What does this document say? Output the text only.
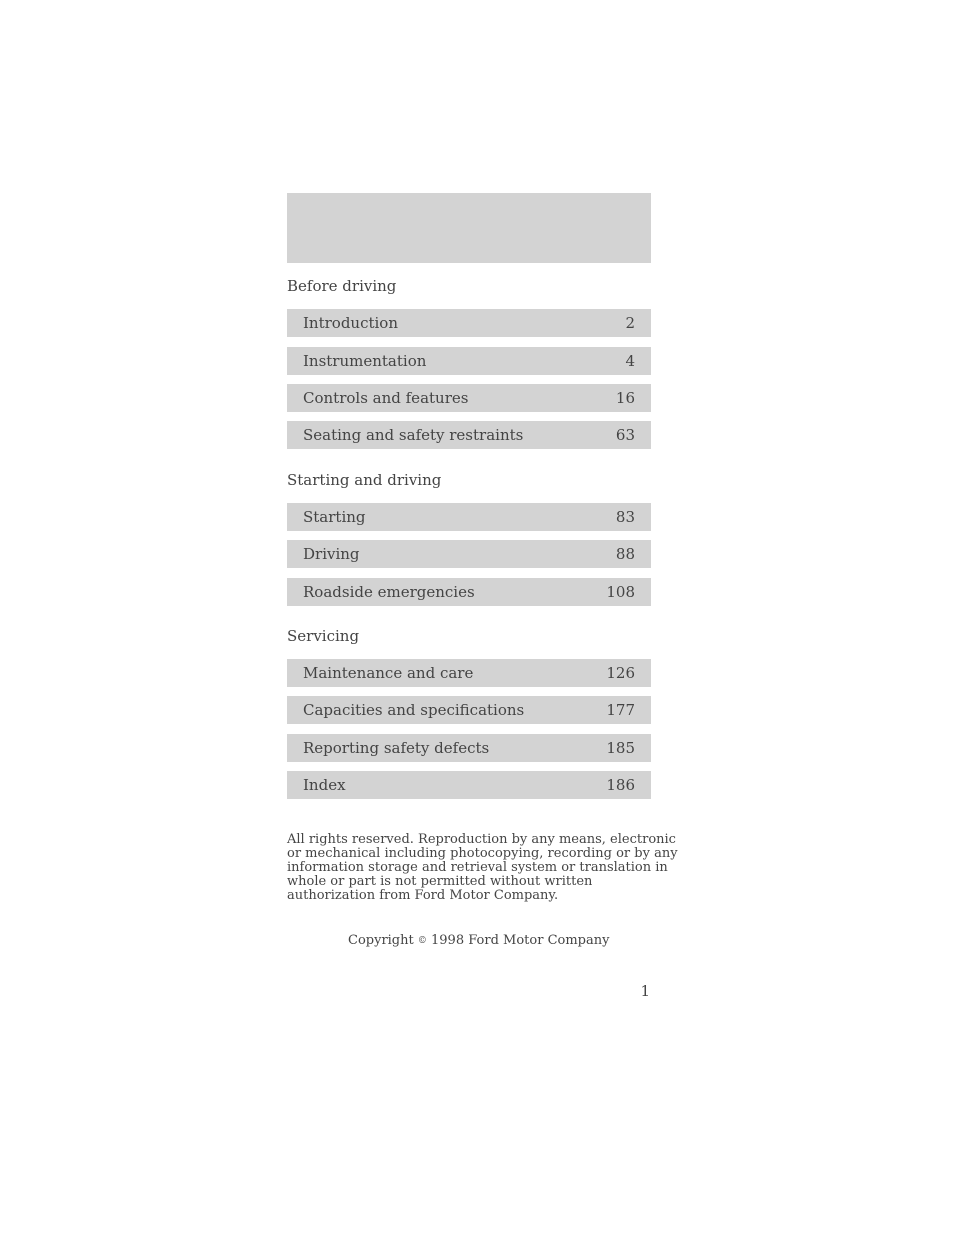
Before driving
Introduction	2
Instrumentation	4
Controls and features	16
Seating and safety restraints	63
Starting and driving
Starting	83
Driving	88
Roadside emergencies	108
Servicing
Maintenance and care	126
Capacities and specifications	177
Reporting safety defects	185
Index	186
All rights reserved. Reproduction by any means, electronic
or mechanical including photocopying, recording or by any
information storage and retrieval system or translation in
whole or part is not permitted without written
authorization from Ford Motor Company.
Copyright © 1998 Ford Motor Company
1
